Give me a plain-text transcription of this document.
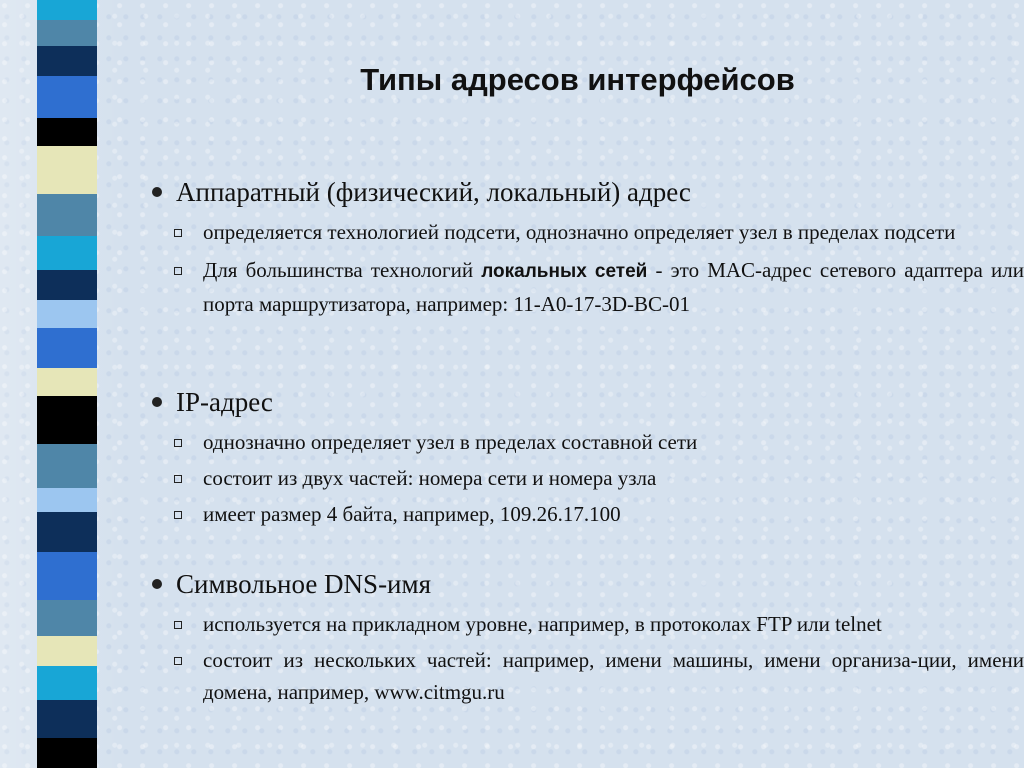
Типы адресов интерфейсов
Аппаратный (физический, локальный) адрес
определяется технологией подсети, однозначно определяет узел в пределах подсети
Для большинства технологий локальных сетей - это MAC-адрес сетевого адаптера или порта маршрутизатора, например: 11-A0-17-3D-BC-01
IP-адрес
однозначно определяет узел в пределах составной сети
состоит из двух частей: номера сети и номера узла
имеет размер 4 байта, например, 109.26.17.100
Символьное DNS-имя
используется на прикладном уровне, например, в протоколах FTP или telnet
состоит из нескольких частей: например, имени машины, имени организа-ции, имени домена, например, www.citmgu.ru
